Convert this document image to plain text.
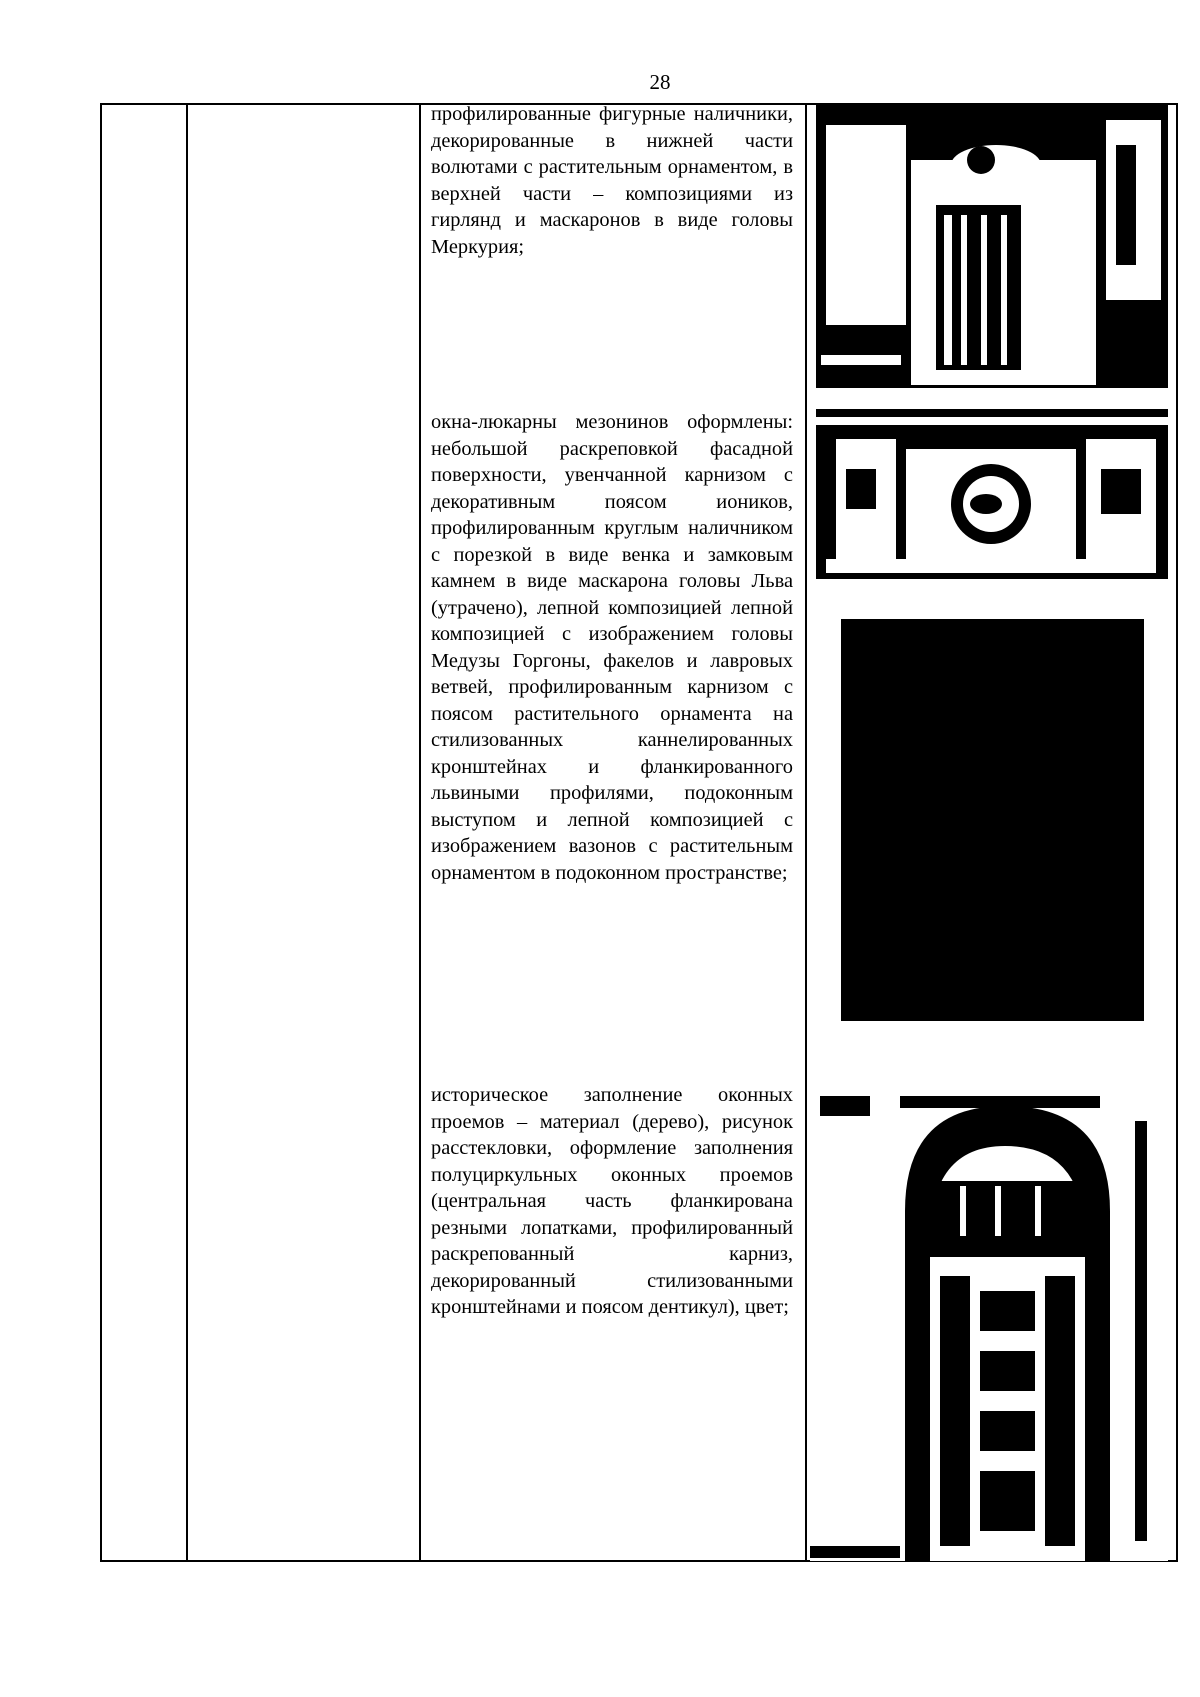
28

профилированные фигурные наличники, декорированные в нижней части волютами с растительным орнаментом, в верхней части – композициями из гирлянд и маскаронов в виде головы Меркурия;

окна-люкарны мезонинов оформлены: небольшой раскреповкой фасадной поверхности, увенчанной карнизом с декоративным поясом иоников, профилированным круглым наличником с порезкой в виде венка и замковым камнем в виде маскарона головы Льва (утрачено), лепной композицией лепной композицией с изображением головы Медузы Горгоны, факелов и лавровых ветвей, профилированным карнизом с поясом растительного орнамента на стилизованных каннелированных кронштейнах и фланкированного львиными профилями, подоконным выступом и лепной композицией с изображением вазонов с растительным орнаментом в подоконном пространстве;

историческое заполнение оконных проемов – материал (дерево), рисунок расстекловки, оформление заполнения полуциркульных оконных проемов (центральная часть фланкирована резными лопатками, профилированный раскрепованный карниз, декорированный стилизованными кронштейнами и поясом дентикул), цвет;
